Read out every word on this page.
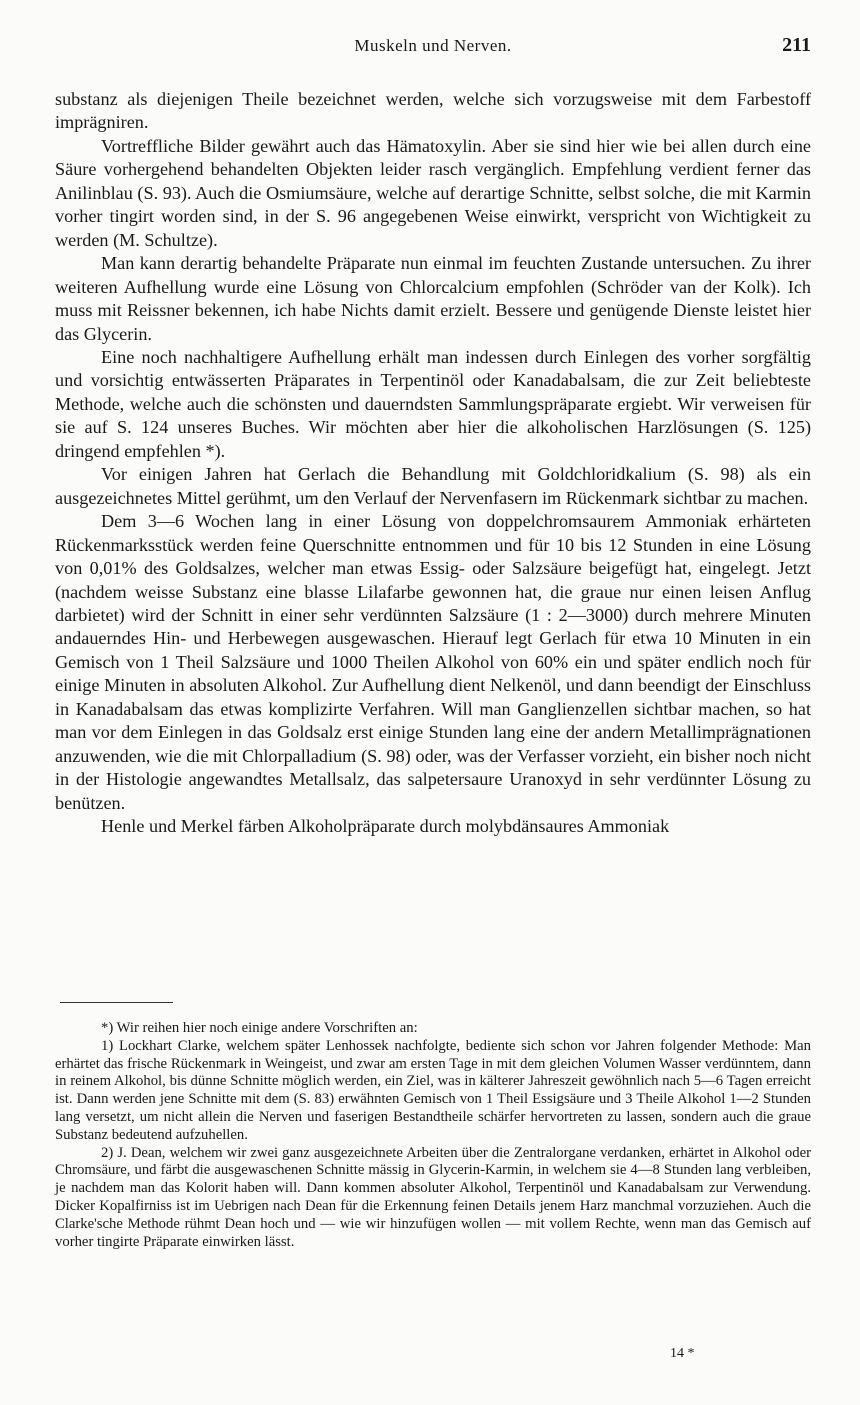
Muskeln und Nerven.	211

substanz als diejenigen Theile bezeichnet werden, welche sich vorzugsweise mit dem Farbestoff imprägniren.

Vortreffliche Bilder gewährt auch das Hämatoxylin. Aber sie sind hier wie bei allen durch eine Säure vorhergehend behandelten Objekten leider rasch vergänglich. Empfehlung verdient ferner das Anilinblau (S. 93). Auch die Osmiumsäure, welche auf derartige Schnitte, selbst solche, die mit Karmin vorher tingirt worden sind, in der S. 96 angegebenen Weise einwirkt, verspricht von Wichtigkeit zu werden (M. Schultze).

Man kann derartig behandelte Präparate nun einmal im feuchten Zustande untersuchen. Zu ihrer weiteren Aufhellung wurde eine Lösung von Chlorcalcium empfohlen (Schröder van der Kolk). Ich muss mit Reissner bekennen, ich habe Nichts damit erzielt. Bessere und genügende Dienste leistet hier das Glycerin.

Eine noch nachhaltigere Aufhellung erhält man indessen durch Einlegen des vorher sorgfältig und vorsichtig entwässerten Präparates in Terpentinöl oder Kanadabalsam, die zur Zeit beliebteste Methode, welche auch die schönsten und dauerndsten Sammlungspräparate ergiebt. Wir verweisen für sie auf S. 124 unseres Buches. Wir möchten aber hier die alkoholischen Harzlösungen (S. 125) dringend empfehlen *).

Vor einigen Jahren hat Gerlach die Behandlung mit Goldchloridkalium (S. 98) als ein ausgezeichnetes Mittel gerühmt, um den Verlauf der Nervenfasern im Rückenmark sichtbar zu machen.

Dem 3—6 Wochen lang in einer Lösung von doppelchromsaurem Ammoniak erhärteten Rückenmarksstück werden feine Querschnitte entnommen und für 10 bis 12 Stunden in eine Lösung von 0,01% des Goldsalzes, welcher man etwas Essig- oder Salzsäure beigefügt hat, eingelegt. Jetzt (nachdem weisse Substanz eine blasse Lilafarbe gewonnen hat, die graue nur einen leisen Anflug darbietet) wird der Schnitt in einer sehr verdünnten Salzsäure (1 : 2—3000) durch mehrere Minuten andauerndes Hin- und Herbewegen ausgewaschen. Hierauf legt Gerlach für etwa 10 Minuten in ein Gemisch von 1 Theil Salzsäure und 1000 Theilen Alkohol von 60% ein und später endlich noch für einige Minuten in absoluten Alkohol. Zur Aufhellung dient Nelkenöl, und dann beendigt der Einschluss in Kanadabalsam das etwas komplizirte Verfahren. Will man Ganglienzellen sichtbar machen, so hat man vor dem Einlegen in das Goldsalz erst einige Stunden lang eine der andern Metallimprägnationen anzuwenden, wie die mit Chlorpalladium (S. 98) oder, was der Verfasser vorzieht, ein bisher noch nicht in der Histologie angewandtes Metallsalz, das salpetersaure Uranoxyd in sehr verdünnter Lösung zu benützen.

Henle und Merkel färben Alkoholpräparate durch molybdänsaures Ammoniak

*) Wir reihen hier noch einige andere Vorschriften an:

1) Lockhart Clarke, welchem später Lenhossek nachfolgte, bediente sich schon vor Jahren folgender Methode: Man erhärtet das frische Rückenmark in Weingeist, und zwar am ersten Tage in mit dem gleichen Volumen Wasser verdünntem, dann in reinem Alkohol, bis dünne Schnitte möglich werden, ein Ziel, was in kälterer Jahreszeit gewöhnlich nach 5—6 Tagen erreicht ist. Dann werden jene Schnitte mit dem (S. 83) erwähnten Gemisch von 1 Theil Essigsäure und 3 Theile Alkohol 1—2 Stunden lang versetzt, um nicht allein die Nerven und faserigen Bestandtheile schärfer hervortreten zu lassen, sondern auch die graue Substanz bedeutend aufzuhellen.

2) J. Dean, welchem wir zwei ganz ausgezeichnete Arbeiten über die Zentralorgane verdanken, erhärtet in Alkohol oder Chromsäure, und färbt die ausgewaschenen Schnitte mässig in Glycerin-Karmin, in welchem sie 4—8 Stunden lang verbleiben, je nachdem man das Kolorit haben will. Dann kommen absoluter Alkohol, Terpentinöl und Kanadabalsam zur Verwendung. Dicker Kopalfirniss ist im Uebrigen nach Dean für die Erkennung feinen Details jenem Harz manchmal vorzuziehen. Auch die Clarke'sche Methode rühmt Dean hoch und — wie wir hinzufügen wollen — mit vollem Rechte, wenn man das Gemisch auf vorher tingirte Präparate einwirken lässt.

14 *
